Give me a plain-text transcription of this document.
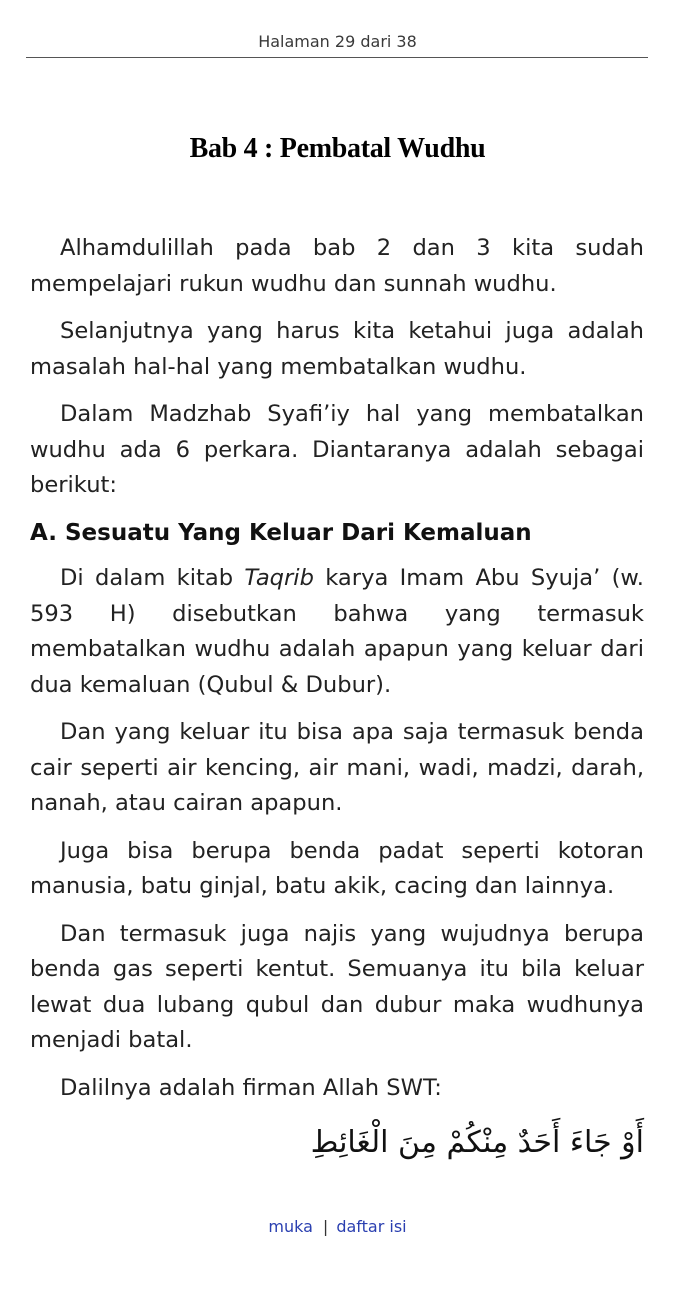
Halaman 29 dari 38
Bab 4 : Pembatal Wudhu

Alhamdulillah pada bab 2 dan 3 kita sudah mempelajari rukun wudhu dan sunnah wudhu.

Selanjutnya yang harus kita ketahui juga adalah masalah hal-hal yang membatalkan wudhu.

Dalam Madzhab Syafi’iy hal yang membatalkan wudhu ada 6 perkara. Diantaranya adalah sebagai berikut:

A. Sesuatu Yang Keluar Dari Kemaluan

Di dalam kitab Taqrib karya Imam Abu Syuja’ (w. 593 H) disebutkan bahwa yang termasuk membatalkan wudhu adalah apapun yang keluar dari dua kemaluan (Qubul & Dubur).

Dan yang keluar itu bisa apa saja termasuk benda cair seperti air kencing, air mani, wadi, madzi, darah, nanah, atau cairan apapun.

Juga bisa berupa benda padat seperti kotoran manusia, batu ginjal, batu akik, cacing dan lainnya.

Dan termasuk juga najis yang wujudnya berupa benda gas seperti kentut. Semuanya itu bila keluar lewat dua lubang qubul dan dubur maka wudhunya menjadi batal.

Dalilnya adalah firman Allah SWT:

أَوْ جَاءَ أَحَدٌ مِنْكُمْ مِنَ الْغَائِطِ
muka | daftar isi
